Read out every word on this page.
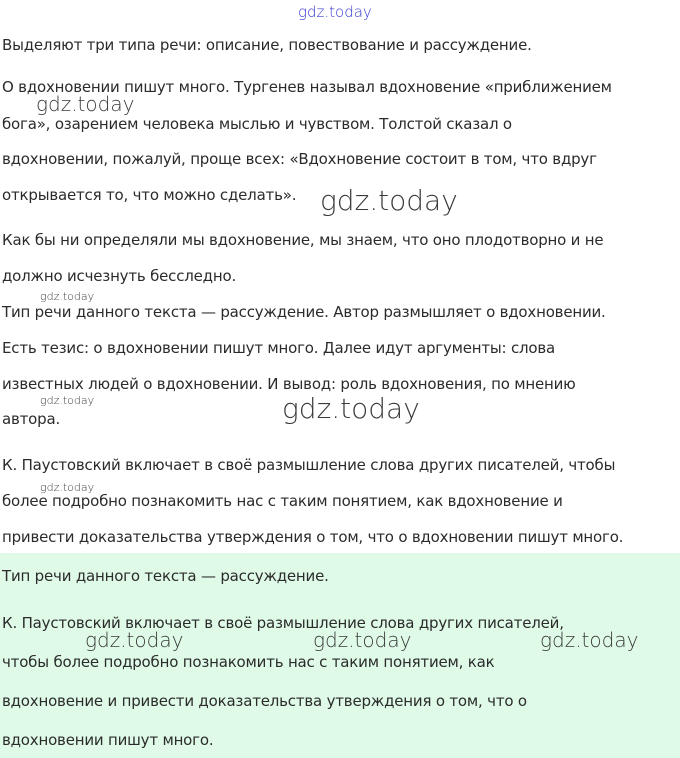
gdz.today
Выделяют три типа речи: описание, повествование и рассуждение.
О вдохновении пишут много. Тургенев называл вдохновение «приближением
бога», озарением человека мыслью и чувством. Толстой сказал о
вдохновении, пожалуй, проще всех: «Вдохновение состоит в том, что вдруг
открывается то, что можно сделать».
Как бы ни определяли мы вдохновение, мы знаем, что оно плодотворно и не
должно исчезнуть бесследно.
Тип речи данного текста — рассуждение. Автор размышляет о вдохновении.
Есть тезис: о вдохновении пишут много. Далее идут аргументы: слова
известных людей о вдохновении. И вывод: роль вдохновения, по мнению
автора.
К. Паустовский включает в своё размышление слова других писателей, чтобы
более подробно познакомить нас с таким понятием, как вдохновение и
привести доказательства утверждения о том, что о вдохновении пишут много.
Тип речи данного текста — рассуждение.
К. Паустовский включает в своё размышление слова других писателей,
чтобы более подробно познакомить нас с таким понятием, как
вдохновение и привести доказательства утверждения о том, что о
вдохновении пишут много.
gdz.today
gdz.today
gdz.today
gdz.today	gdz.today
gdz.today
gdz.today	gdz.today	gdz.today
